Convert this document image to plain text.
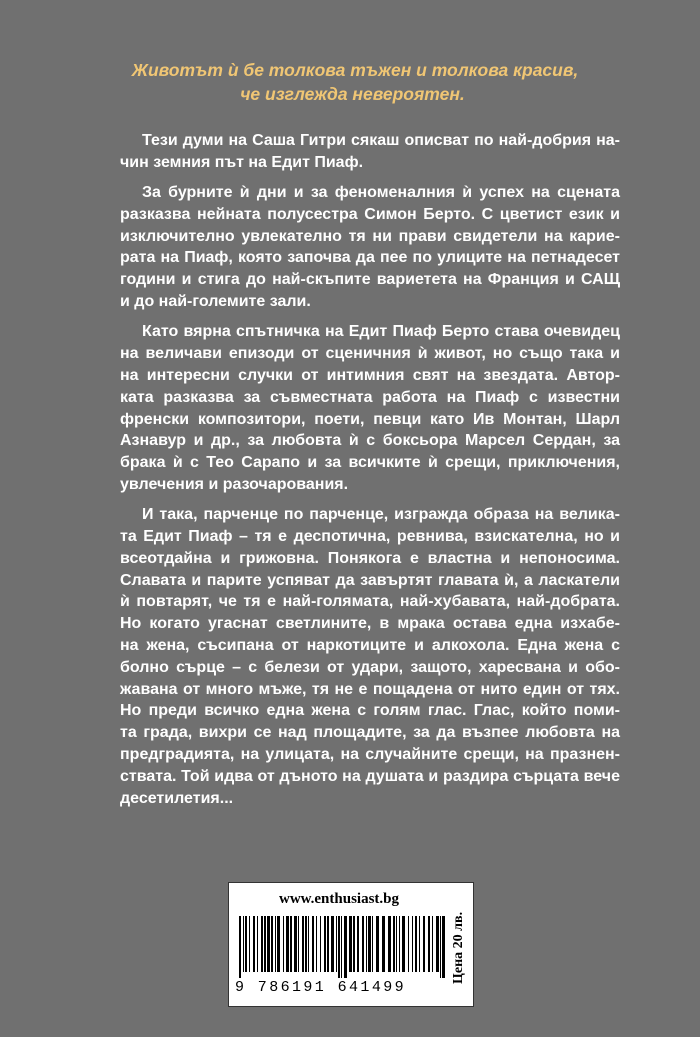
Животът ѝ бе толкова тъжен и толкова красив,
че изглежда невероятен.
Тези думи на Саша Гитри сякаш описват по най-добрия на-
чин земния път на Едит Пиаф.
За бурните ѝ дни и за феноменалния ѝ успех на сцената
разказва нейната полусестра Симон Берто. С цветист език и
изключително увлекателно тя ни прави свидетели на кариe-
рата на Пиаф, която започва да пее по улиците на петнадесет
години и стига до най-скъпите вариетета на Франция и САЩ
и до най-големите зали.
Като вярна спътничка на Едит Пиаф Берто става очевидец
на величави епизоди от сценичния ѝ живот, но също така и
на интересни случки от интимния свят на звездата. Автор-
ката разказва за съвместната работа на Пиаф с известни
френски композитори, поети, певци като Ив Монтан, Шарл
Азнавур и др., за любовта ѝ с боксьора Марсел Сердан, за
брака ѝ с Тео Сарапо и за всичките ѝ срещи, приключения,
увлечения и разочарования.
И така, парченце по парченце, изгражда образа на велика-
та Едит Пиаф – тя е деспотична, ревнива, взискателна, но и
всеотдайна и грижовна. Понякога е властна и непоносима.
Славата и парите успяват да завъртят главата ѝ, а ласкатели
ѝ повтарят, че тя е най-голямата, най-хубавата, най-добрата.
Но когато угаснат светлините, в мрака остава една изхабе-
на жена, съсипана от наркотиците и алкохола. Една жена с
болно сърце – с белези от удари, защото, харесвана и обо-
жавана от много мъже, тя не е пощадена от нито един от тях.
Но преди всичко една жена с голям глас. Глас, който поми-
та града, вихри се над площадите, за да възпее любовта на
предградията, на улицата, на случайните срещи, на празнен-
ствата. Той идва от дъното на душата и раздира сърцата вече
десетилетия...
www.enthusiast.bg
9 786191 641499
Цена 20 лв.
